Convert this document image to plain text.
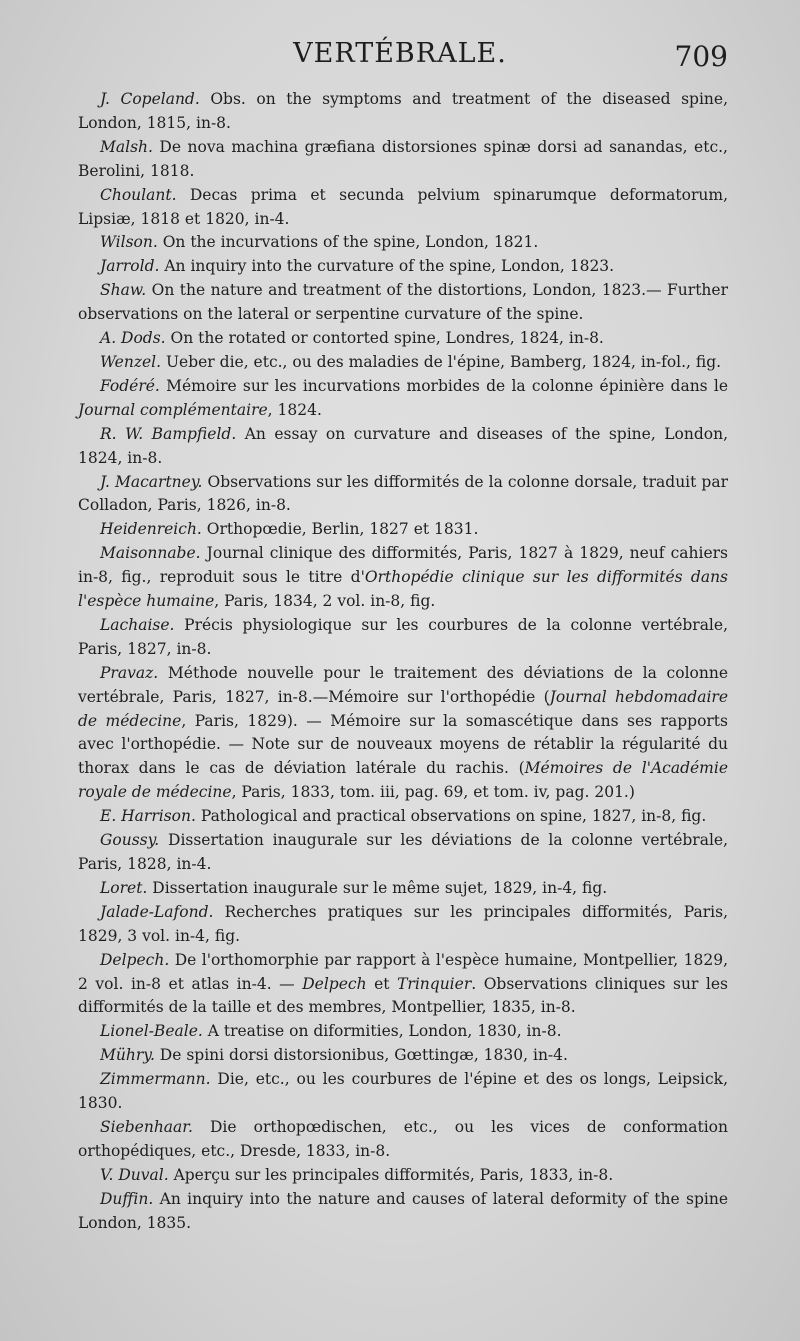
VERTÉBRALE.	709

J. Copeland. Obs. on the symptoms and treatment of the diseased spine, London, 1815, in-8.

Malsh. De nova machina græfiana distorsiones spinæ dorsi ad sanandas, etc., Berolini, 1818.

Choulant. Decas prima et secunda pelvium spinarumque deformatorum, Lipsiæ, 1818 et 1820, in-4.

Wilson. On the incurvations of the spine, London, 1821.

Jarrold. An inquiry into the curvature of the spine, London, 1823.

Shaw. On the nature and treatment of the distortions, London, 1823.— Further observations on the lateral or serpentine curvature of the spine.

A. Dods. On the rotated or contorted spine, Londres, 1824, in-8.

Wenzel. Ueber die, etc., ou des maladies de l'épine, Bamberg, 1824, in-fol., fig.

Fodéré. Mémoire sur les incurvations morbides de la colonne épinière dans le Journal complémentaire, 1824.

R. W. Bampfield. An essay on curvature and diseases of the spine, London, 1824, in-8.

J. Macartney. Observations sur les difformités de la colonne dorsale, traduit par Colladon, Paris, 1826, in-8.

Heidenreich. Orthopœdie, Berlin, 1827 et 1831.

Maisonnabe. Journal clinique des difformités, Paris, 1827 à 1829, neuf cahiers in-8, fig., reproduit sous le titre d'Orthopédie clinique sur les difformités dans l'espèce humaine, Paris, 1834, 2 vol. in-8, fig.

Lachaise. Précis physiologique sur les courbures de la colonne vertébrale, Paris, 1827, in-8.

Pravaz. Méthode nouvelle pour le traitement des déviations de la colonne vertébrale, Paris, 1827, in-8.—Mémoire sur l'orthopédie (Journal hebdomadaire de médecine, Paris, 1829). — Mémoire sur la somascétique dans ses rapports avec l'orthopédie. — Note sur de nouveaux moyens de rétablir la régularité du thorax dans le cas de déviation latérale du rachis. (Mémoires de l'Académie royale de médecine, Paris, 1833, tom. iii, pag. 69, et tom. iv, pag. 201.)

E. Harrison. Pathological and practical observations on spine, 1827, in-8, fig.

Goussy. Dissertation inaugurale sur les déviations de la colonne vertébrale, Paris, 1828, in-4.

Loret. Dissertation inaugurale sur le même sujet, 1829, in-4, fig.

Jalade-Lafond. Recherches pratiques sur les principales difformités, Paris, 1829, 3 vol. in-4, fig.

Delpech. De l'orthomorphie par rapport à l'espèce humaine, Montpellier, 1829, 2 vol. in-8 et atlas in-4. — Delpech et Trinquier. Observations cliniques sur les difformités de la taille et des membres, Montpellier, 1835, in-8.

Lionel-Beale. A treatise on diformities, London, 1830, in-8.

Mühry. De spini dorsi distorsionibus, Gœttingæ, 1830, in-4.

Zimmermann. Die, etc., ou les courbures de l'épine et des os longs, Leipsick, 1830.

Siebenhaar. Die orthopœdischen, etc., ou les vices de conformation orthopédiques, etc., Dresde, 1833, in-8.

V. Duval. Aperçu sur les principales difformités, Paris, 1833, in-8.

Duffin. An inquiry into the nature and causes of lateral deformity of the spine London, 1835.
